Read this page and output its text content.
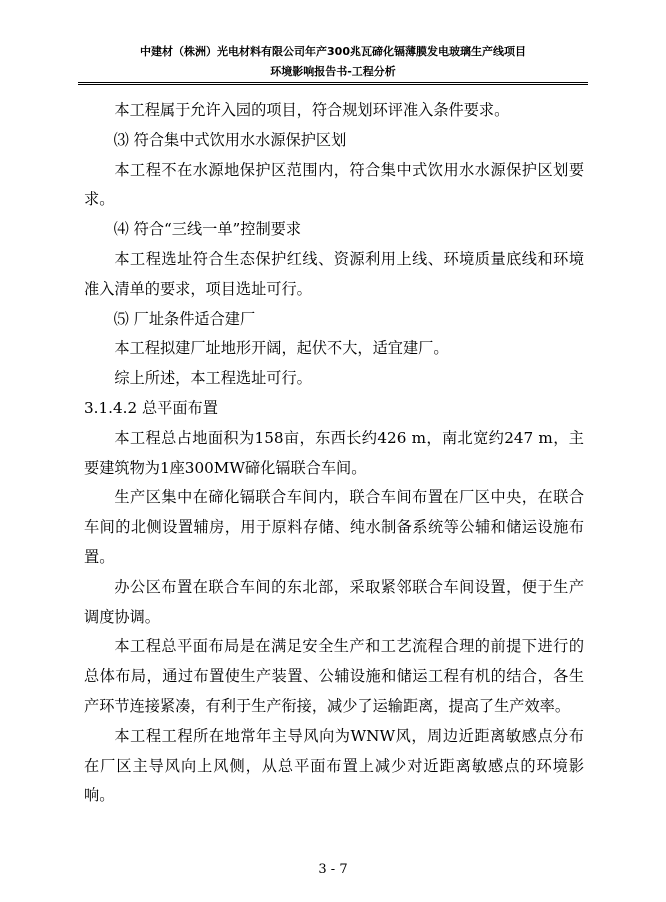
中建材（株洲）光电材料有限公司年产300兆瓦碲化镉薄膜发电玻璃生产线项目
环境影响报告书-工程分析

本工程属于允许入园的项目，符合规划环评准入条件要求。

⑶ 符合集中式饮用水水源保护区划

本工程不在水源地保护区范围内，符合集中式饮用水水源保护区划要求。

⑷ 符合“三线一单”控制要求

本工程选址符合生态保护红线、资源利用上线、环境质量底线和环境准入清单的要求，项目选址可行。

⑸ 厂址条件适合建厂

本工程拟建厂址地形开阔，起伏不大，适宜建厂。

综上所述，本工程选址可行。

3.1.4.2 总平面布置

本工程总占地面积为158亩，东西长约426 m，南北宽约247 m，主要建筑物为1座300MW碲化镉联合车间。

生产区集中在碲化镉联合车间内，联合车间布置在厂区中央，在联合车间的北侧设置辅房，用于原料存储、纯水制备系统等公辅和储运设施布置。

办公区布置在联合车间的东北部，采取紧邻联合车间设置，便于生产调度协调。

本工程总平面布局是在满足安全生产和工艺流程合理的前提下进行的总体布局，通过布置使生产装置、公辅设施和储运工程有机的结合，各生产环节连接紧凑，有利于生产衔接，减少了运输距离，提高了生产效率。

本工程工程所在地常年主导风向为WNW风，周边近距离敏感点分布在厂区主导风向上风侧，从总平面布置上减少对近距离敏感点的环境影响。

3 - 7
